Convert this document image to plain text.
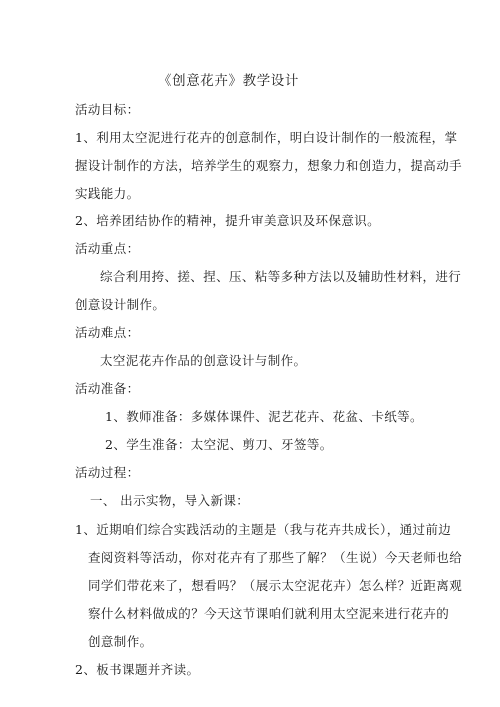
《创意花卉》教学设计
活动目标：
1、利用太空泥进行花卉的创意制作，明白设计制作的一般流程，掌
握设计制作的方法，培养学生的观察力，想象力和创造力，提高动手
实践能力。
2、培养团结协作的精神，提升审美意识及环保意识。
活动重点：
综合利用挎、搓、捏、压、粘等多种方法以及辅助性材料，进行
创意设计制作。
活动难点：
太空泥花卉作品的创意设计与制作。
活动准备：
1、教师准备：多媒体课件、泥艺花卉、花盆、卡纸等。
2、学生准备：太空泥、剪刀、牙签等。
活动过程：
一、 出示实物，导入新课：
1、近期咱们综合实践活动的主题是（我与花卉共成长），通过前边
查阅资料等活动，你对花卉有了那些了解？（生说）今天老师也给
同学们带花来了，想看吗？（展示太空泥花卉）怎么样？近距离观
察什么材料做成的？今天这节课咱们就利用太空泥来进行花卉的
创意制作。
2、板书课题并齐读。
